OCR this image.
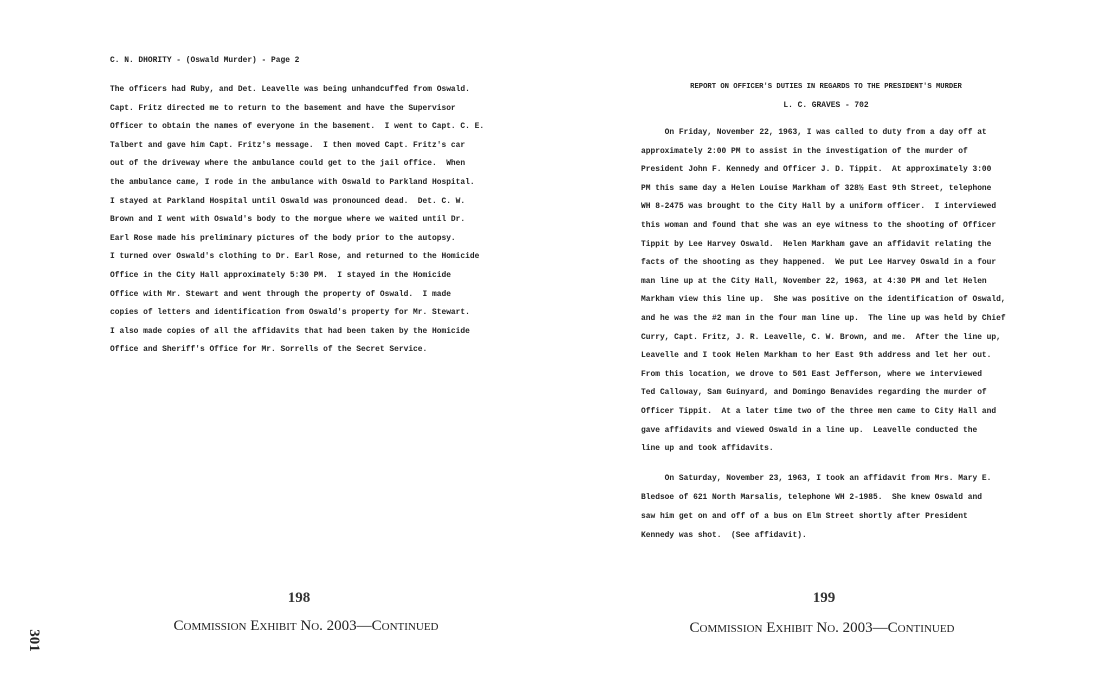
C. N. DHORITY - (Oswald Murder) - Page 2
The officers had Ruby, and Det. Leavelle was being unhandcuffed from Oswald.
Capt. Fritz directed me to return to the basement and have the Supervisor
Officer to obtain the names of everyone in the basement.  I went to Capt. C. E.
Talbert and gave him Capt. Fritz's message.  I then moved Capt. Fritz's car
out of the driveway where the ambulance could get to the jail office.  When
the ambulance came, I rode in the ambulance with Oswald to Parkland Hospital.
I stayed at Parkland Hospital until Oswald was pronounced dead.  Det. C. W.
Brown and I went with Oswald's body to the morgue where we waited until Dr.
Earl Rose made his preliminary pictures of the body prior to the autopsy.
I turned over Oswald's clothing to Dr. Earl Rose, and returned to the Homicide
Office in the City Hall approximately 5:30 PM.  I stayed in the Homicide
Office with Mr. Stewart and went through the property of Oswald.  I made
copies of letters and identification from Oswald's property for Mr. Stewart.
I also made copies of all the affidavits that had been taken by the Homicide
Office and Sheriff's Office for Mr. Sorrells of the Secret Service.
198
Commission Exhibit No. 2003—Continued
REPORT ON OFFICER'S DUTIES IN REGARDS TO THE PRESIDENT'S MURDER
L. C. GRAVES - 702
On Friday, November 22, 1963, I was called to duty from a day off at
approximately 2:00 PM to assist in the investigation of the murder of
President John F. Kennedy and Officer J. D. Tippit.  At approximately 3:00
PM this same day a Helen Louise Markham of 328½ East 9th Street, telephone
WH 8-2475 was brought to the City Hall by a uniform officer.  I interviewed
this woman and found that she was an eye witness to the shooting of Officer
Tippit by Lee Harvey Oswald.  Helen Markham gave an affidavit relating the
facts of the shooting as they happened.  We put Lee Harvey Oswald in a four
man line up at the City Hall, November 22, 1963, at 4:30 PM and let Helen
Markham view this line up.  She was positive on the identification of Oswald,
and he was the #2 man in the four man line up.  The line up was held by Chief
Curry, Capt. Fritz, J. R. Leavelle, C. W. Brown, and me.  After the line up,
Leavelle and I took Helen Markham to her East 9th address and let her out.
From this location, we drove to 501 East Jefferson, where we interviewed
Ted Calloway, Sam Guinyard, and Domingo Benavides regarding the murder of
Officer Tippit.  At a later time two of the three men came to City Hall and
gave affidavits and viewed Oswald in a line up.  Leavelle conducted the
line up and took affidavits.
On Saturday, November 23, 1963, I took an affidavit from Mrs. Mary E.
Bledsoe of 621 North Marsalis, telephone WH 2-1985.  She knew Oswald and
saw him get on and off of a bus on Elm Street shortly after President
Kennedy was shot.  (See affidavit).
199
Commission Exhibit No. 2003—Continued
301
